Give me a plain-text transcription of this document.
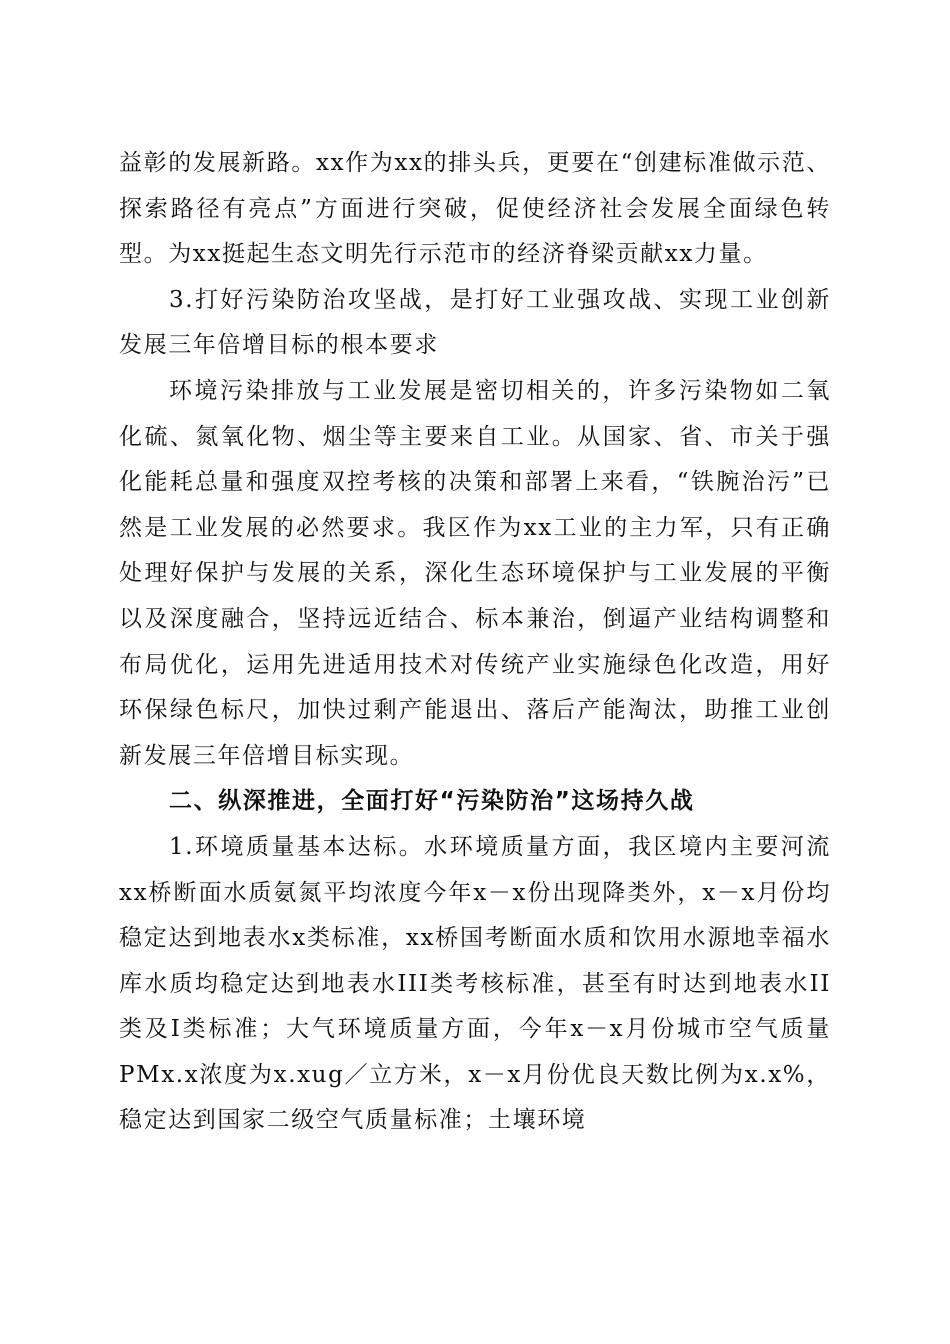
益彰的发展新路。xx作为xx的排头兵，更要在“创建标准做示范、探索路径有亮点”方面进行突破，促使经济社会发展全面绿色转型。为xx挺起生态文明先行示范市的经济脊梁贡献xx力量。

3.打好污染防治攻坚战，是打好工业强攻战、实现工业创新发展三年倍增目标的根本要求

环境污染排放与工业发展是密切相关的，许多污染物如二氧化硫、氮氧化物、烟尘等主要来自工业。从国家、省、市关于强化能耗总量和强度双控考核的决策和部署上来看，“铁腕治污”已然是工业发展的必然要求。我区作为xx工业的主力军，只有正确处理好保护与发展的关系，深化生态环境保护与工业发展的平衡以及深度融合，坚持远近结合、标本兼治，倒逼产业结构调整和布局优化，运用先进适用技术对传统产业实施绿色化改造，用好环保绿色标尺，加快过剩产能退出、落后产能淘汰，助推工业创新发展三年倍增目标实现。

二、纵深推进，全面打好“污染防治”这场持久战

1.环境质量基本达标。水环境质量方面，我区境内主要河流xx桥断面水质氨氮平均浓度今年x－x份出现降类外，x－x月份均稳定达到地表水x类标准，xx桥国考断面水质和饮用水源地幸福水库水质均稳定达到地表水III类考核标准，甚至有时达到地表水II类及I类标准；大气环境质量方面，今年x－x月份城市空气质量PMx.x浓度为x.xug／立方米，x－x月份优良天数比例为x.x%，稳定达到国家二级空气质量标准；土壤环境
